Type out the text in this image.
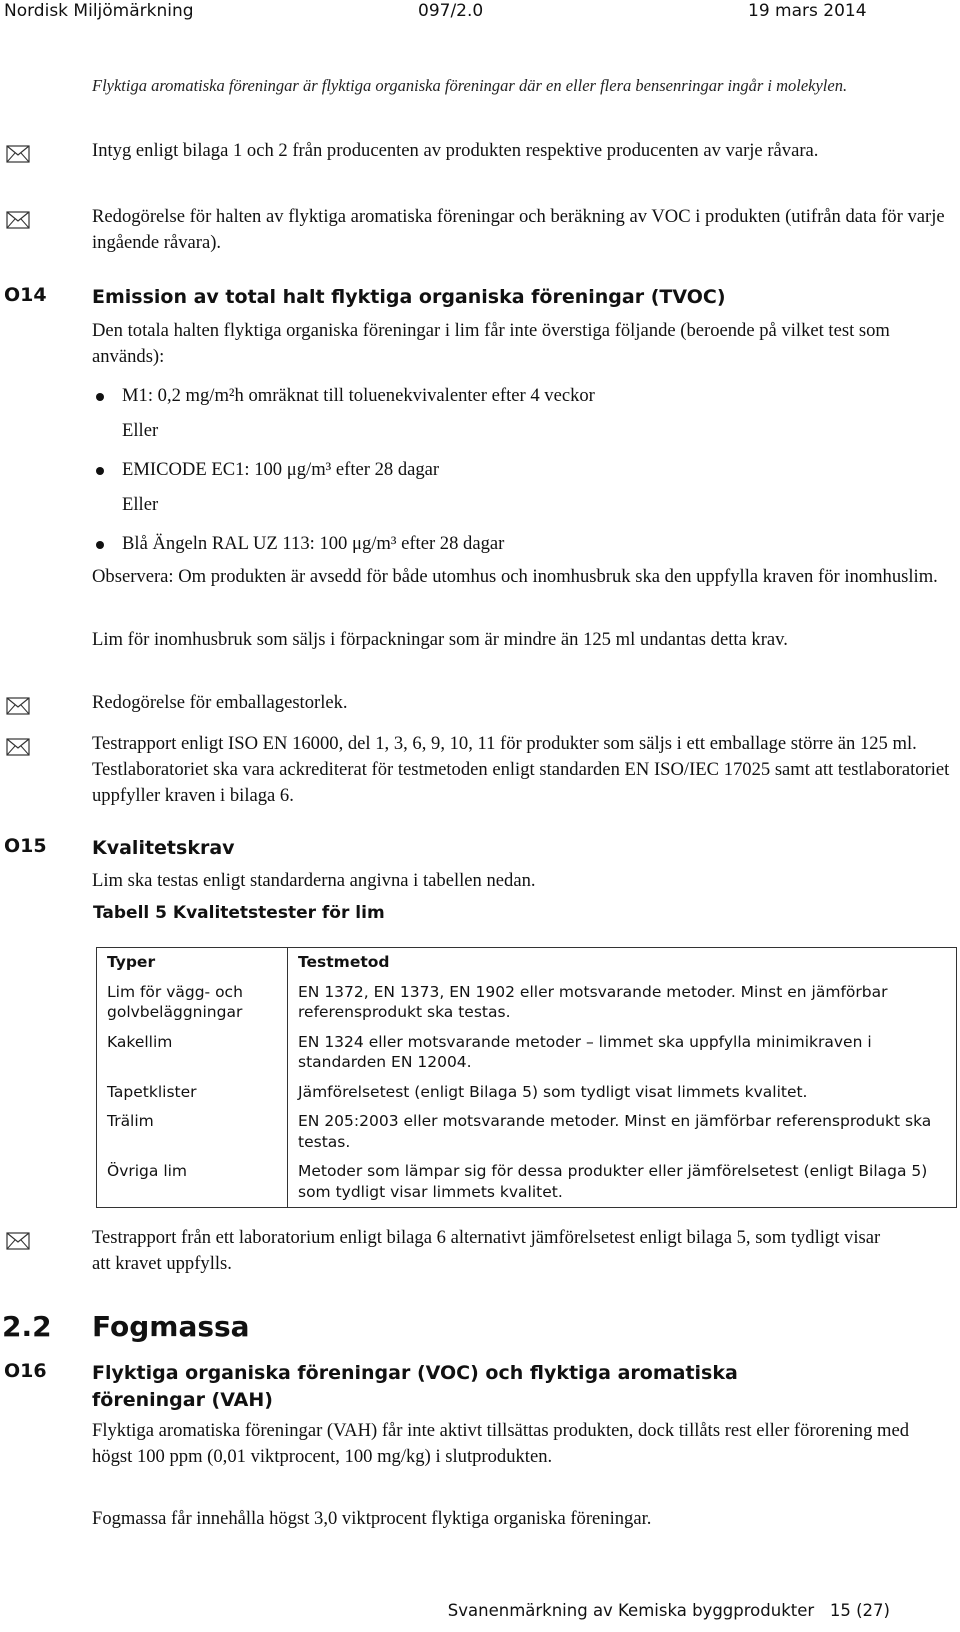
Nordisk Miljömärkning	097/2.0	19 mars 2014
Flyktiga aromatiska föreningar är flyktiga organiska föreningar där en eller flera bensenringar ingår i molekylen.
Intyg enligt bilaga 1 och 2 från producenten av produkten respektive producenten av varje råvara.
Redogörelse för halten av flyktiga aromatiska föreningar och beräkning av VOC i produkten (utifrån data för varje ingående råvara).
O14 Emission av total halt flyktiga organiska föreningar (TVOC)
Den totala halten flyktiga organiska föreningar i lim får inte överstiga följande (beroende på vilket test som används):
M1: 0,2 mg/m²h omräknat till toluenekvivalenter efter 4 veckor
Eller
EMICODE EC1: 100 μg/m³ efter 28 dagar
Eller
Blå Ängeln RAL UZ 113: 100 μg/m³ efter 28 dagar
Observera: Om produkten är avsedd för både utomhus och inomhusbruk ska den uppfylla kraven för inomhuslim.
Lim för inomhusbruk som säljs i förpackningar som är mindre än 125 ml undantas detta krav.
Redogörelse för emballagestorlek.
Testrapport enligt ISO EN 16000, del 1, 3, 6, 9, 10, 11 för produkter som säljs i ett emballage större än 125 ml. Testlaboratoriet ska vara ackrediterat för testmetoden enligt standarden EN ISO/IEC 17025 samt att testlaboratoriet uppfyller kraven i bilaga 6.
O15 Kvalitetskrav
Lim ska testas enligt standarderna angivna i tabellen nedan.
Tabell 5 Kvalitetstester för lim
Typer	Testmetod
Lim för vägg- och golvbeläggningar	EN 1372, EN 1373, EN 1902 eller motsvarande metoder. Minst en jämförbar referensprodukt ska testas.
Kakellim	EN 1324 eller motsvarande metoder – limmet ska uppfylla minimikraven i standarden EN 12004.
Tapetklister	Jämförelsetest (enligt Bilaga 5) som tydligt visat limmets kvalitet.
Trälim	EN 205:2003 eller motsvarande metoder. Minst en jämförbar referensprodukt ska testas.
Övriga lim	Metoder som lämpar sig för dessa produkter eller jämförelsetest (enligt Bilaga 5) som tydligt visar limmets kvalitet.
Testrapport från ett laboratorium enligt bilaga 6 alternativt jämförelsetest enligt bilaga 5, som tydligt visar att kravet uppfylls.
2.2 Fogmassa
O16 Flyktiga organiska föreningar (VOC) och flyktiga aromatiska föreningar (VAH)
Flyktiga aromatiska föreningar (VAH) får inte aktivt tillsättas produkten, dock tillåts rest eller förorening med högst 100 ppm (0,01 viktprocent, 100 mg/kg) i slutprodukten.
Fogmassa får innehålla högst 3,0 viktprocent flyktiga organiska föreningar.
Svanenmärkning av Kemiska byggprodukter   15 (27)
